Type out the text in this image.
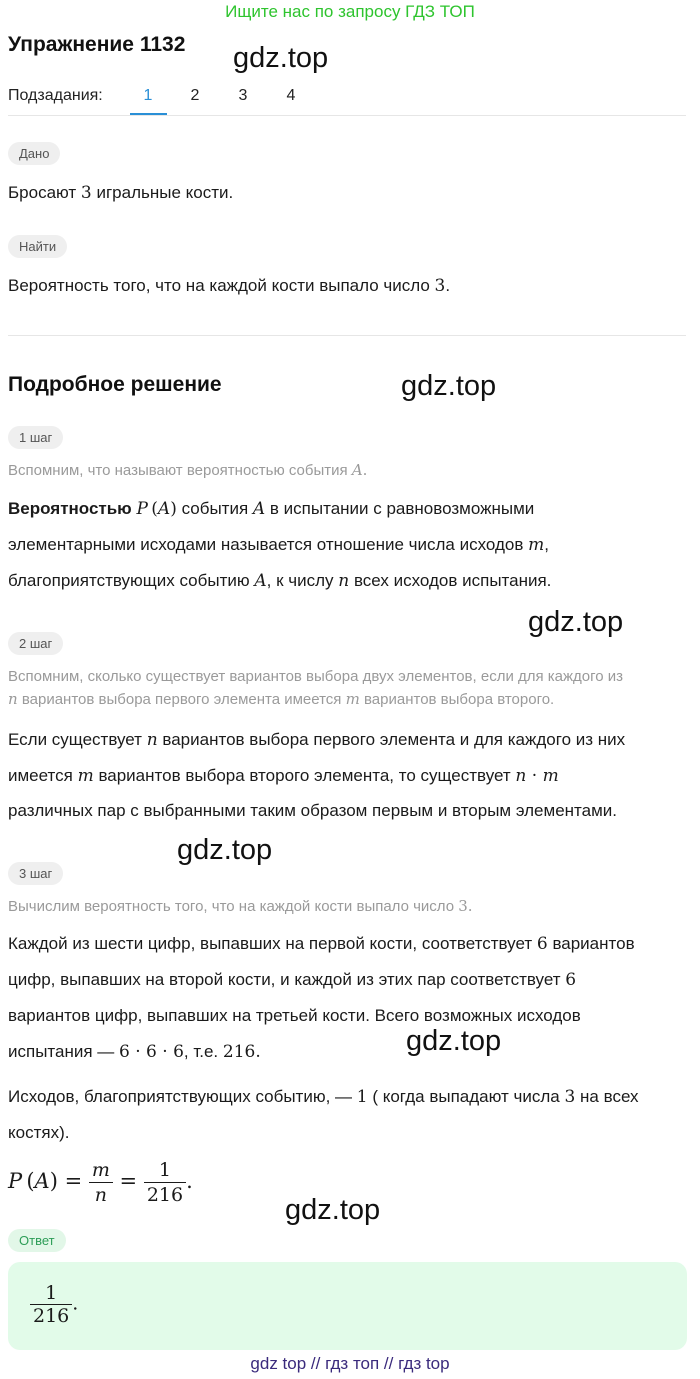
Ищите нас по запросу ГДЗ ТОП
Упражнение 1132 gdz.top
Подзадания:	1	2	3	4
Дано
Бросают 3 игральные кости.
Найти
Вероятность того, что на каждой кости выпало число 3.
Подробное решение	gdz.top
1 шаг
Вспомним, что называют вероятностью события A.
Вероятностью P (A) события A в испытании с равновозможными
элементарными исходами называется отношение числа исходов m,
благоприятствующих событию A, к числу n всех исходов испытания.
gdz.top
2 шаг
Вспомним, сколько существует вариантов выбора двух элементов, если для каждого из
n вариантов выбора первого элемента имеется m вариантов выбора второго.
Если существует n вариантов выбора первого элемента и для каждого из них
имеется m вариантов выбора второго элемента, то существует n · m
различных пар с выбранными таким образом первым и вторым элементами.
gdz.top
3 шаг
Вычислим вероятность того, что на каждой кости выпало число 3.
Каждой из шести цифр, выпавших на первой кости, соответствует 6 вариантов
цифр, выпавших на второй кости, и каждой из этих пар соответствует 6
вариантов цифр, выпавших на третьей кости. Всего возможных исходов
испытания — 6 · 6 · 6, т.е. 216.	gdz.top
Исходов, благоприятствующих событию, — 1 ( когда выпадают числа 3 на всех
костях).
P $(A) = \frac{m}{n} = \frac{1}{216}$ .
gdz.top
Ответ
$\frac{1}{216}$ .
gdz top // гдз топ // гдз top
